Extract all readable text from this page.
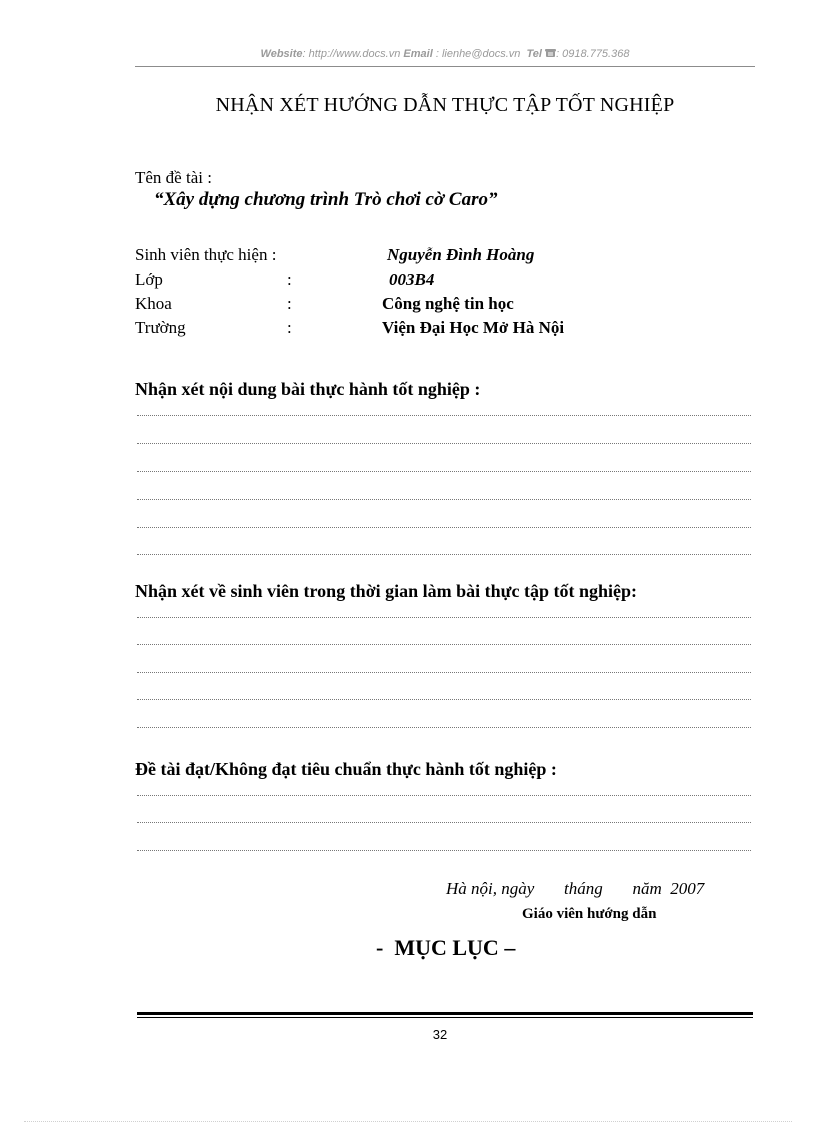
Website: http://www.docs.vn Email : lienhe@docs.vn Tel : 0918.775.368
NHẬN XÉT HƯỚNG DẪN THỰC TẬP TỐT NGHIỆP
Tên đề tài :
“Xây dựng chương trình Trò chơi cờ Caro”
Sinh viên thực hiện :	Nguyễn Đình Hoàng
Lớp	:	003B4
Khoa	:	Công nghệ tin học
Trường	:	Viện Đại Học Mở Hà Nội
Nhận xét nội dung bài thực hành tốt nghiệp :
Nhận xét về sinh viên trong thời gian làm bài thực tập tốt nghiệp:
Đề tài đạt/Không đạt tiêu chuẩn thực hành tốt nghiệp :
Hà nội, ngày       tháng       năm  2007
Giáo viên hướng dẫn
-  MỤC LỤC –
32
